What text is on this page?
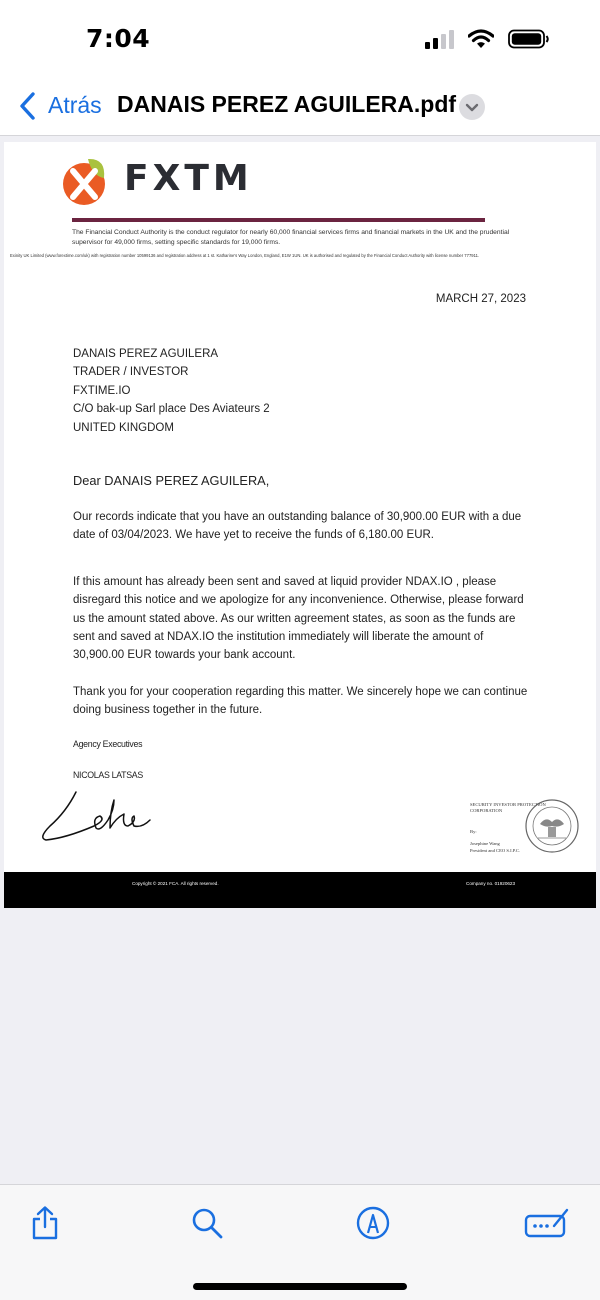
7:04
Atrás DANAIS PEREZ AGUILERA.pdf
FXTM
The Financial Conduct Authority is the conduct regulator for nearly 60,000 financial services firms and financial markets in the UK and the prudential supervisor for 49,000 firms, setting specific standards for 19,000 firms.
Exinity UK Limited (www.forextime.com/uk) with registration number 10599136 and registration address at 1 st. Katharine's Way London, England, E1W 1UN. UK is authorised and regulated by the Financial Conduct Authority with license number 777911.
MARCH 27, 2023
DANAIS PEREZ AGUILERA
TRADER / INVESTOR
FXTIME.IO
C/O bak-up Sarl place Des Aviateurs 2
UNITED KINGDOM
Dear DANAIS PEREZ AGUILERA,
Our records indicate that you have an outstanding balance of 30,900.00 EUR with a due date of 03/04/2023. We have yet to receive the funds of 6,180.00 EUR.
If this amount has already been sent and saved at liquid provider NDAX.IO , please disregard this notice and we apologize for any inconvenience. Otherwise, please forward us the amount stated above. As our written agreement states, as soon as the funds are sent and saved at NDAX.IO the institution immediately will liberate the amount of 30,900.00 EUR towards your bank account.
Thank you for your cooperation regarding this matter. We sincerely hope we can continue doing business together in the future.
Agency Executives
NICOLAS LATSAS
SECURITY INVESTOR PROTECTION
CORPORATION
By:
Josephine Wang
President and CEO S.I.P.C.
Copyright © 2021 FCA. All rights reserved.	Company no. 01920623
